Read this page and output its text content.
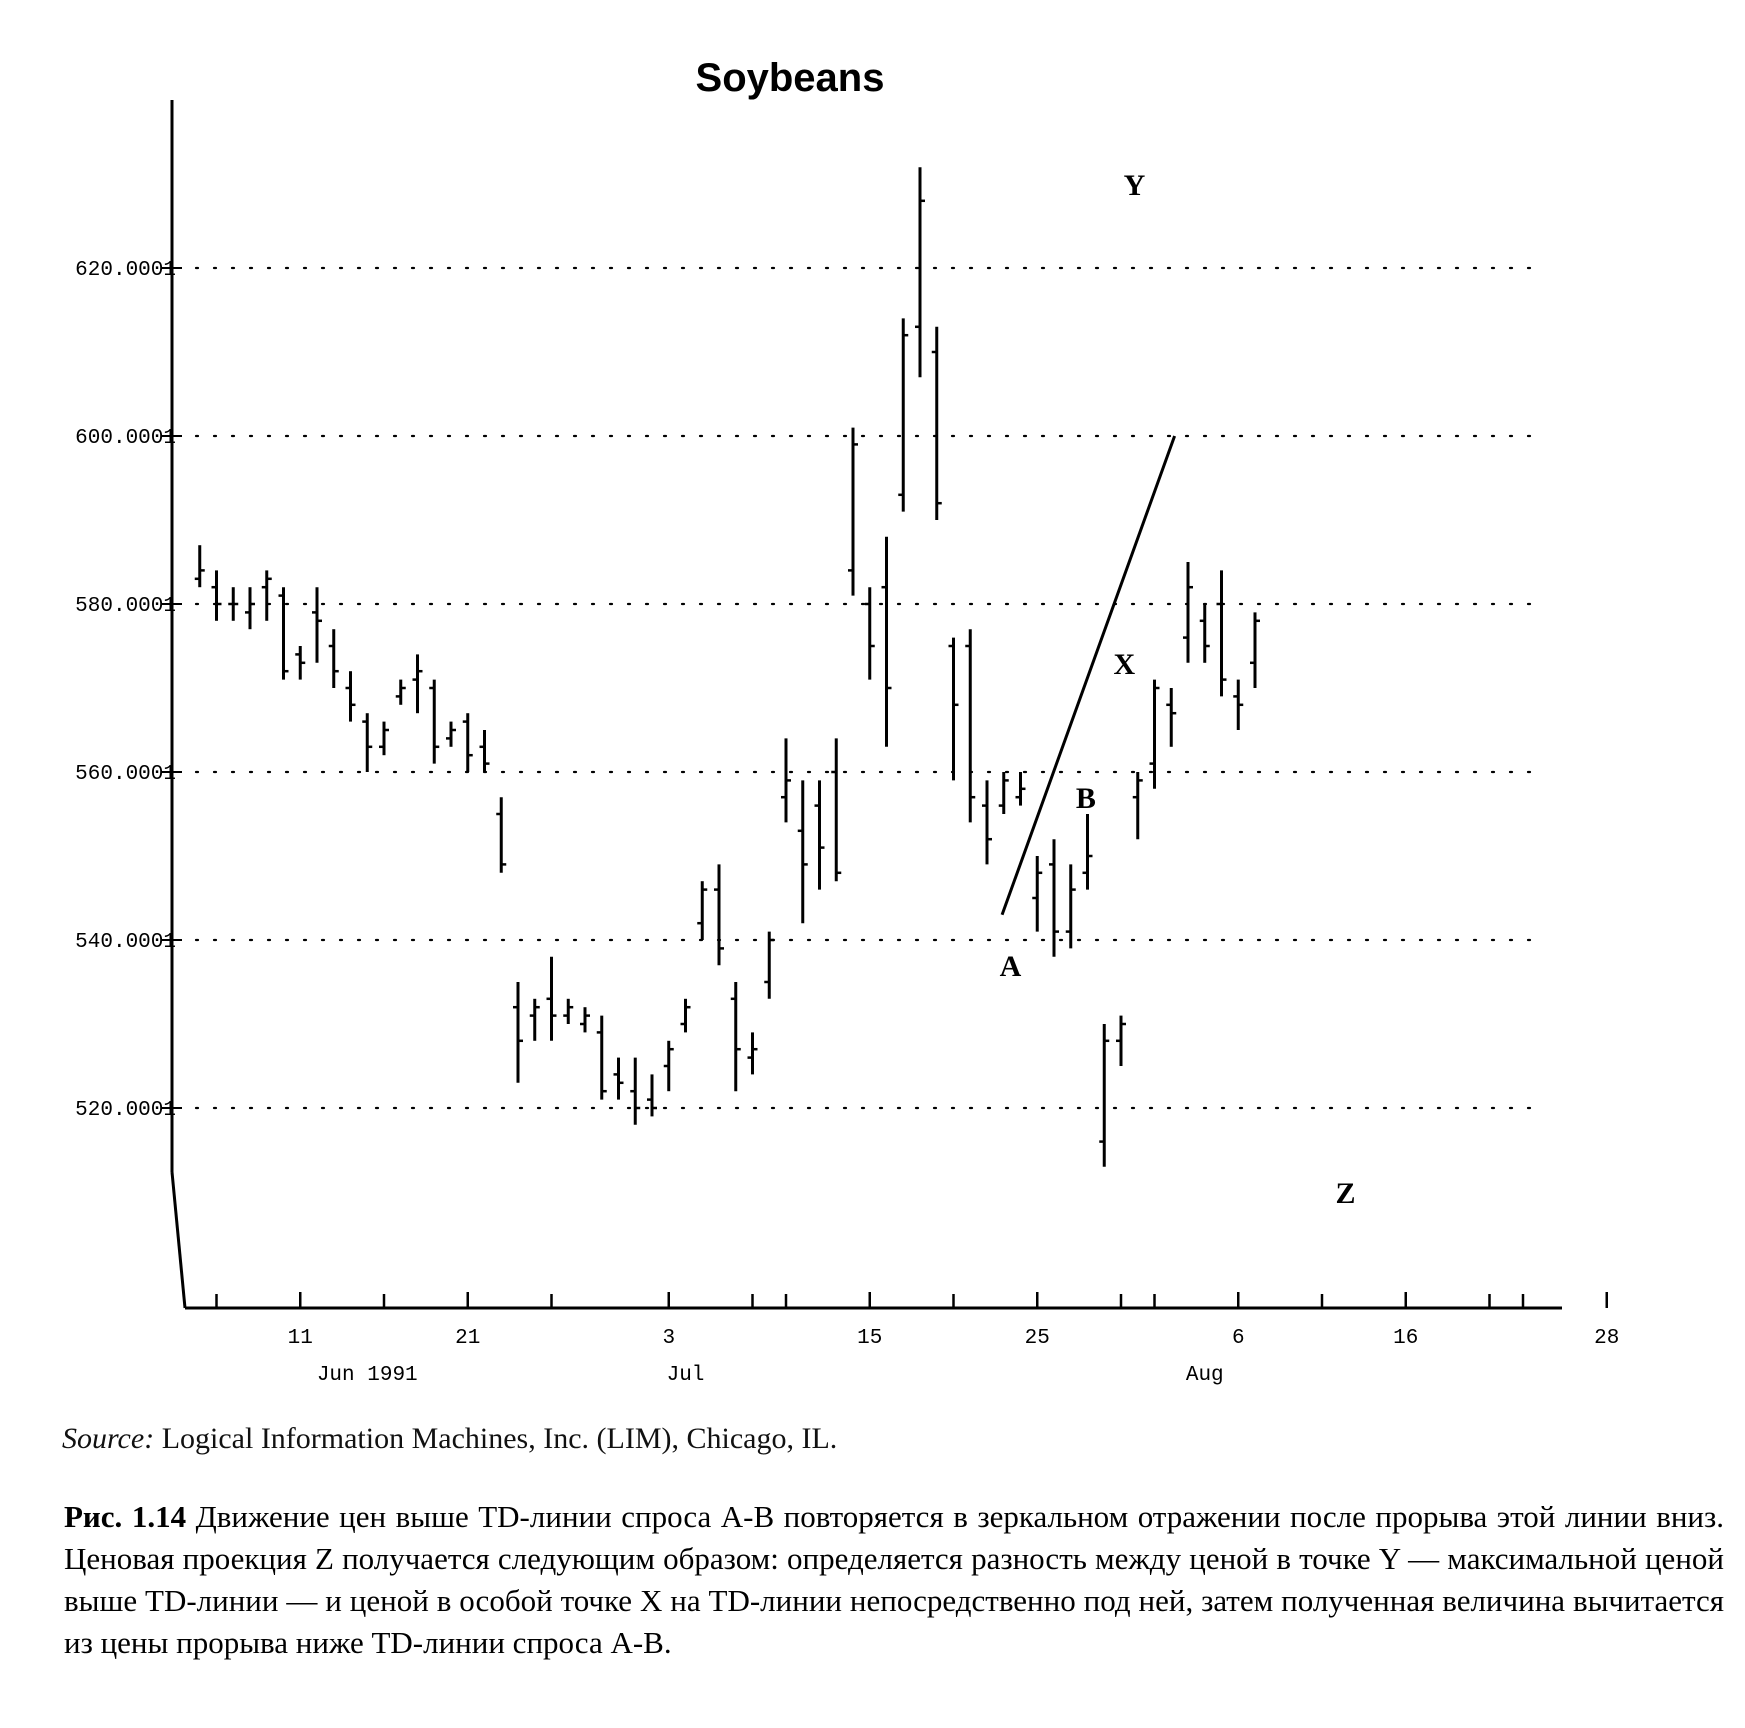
Soybeans
520.0001
540.0001
560.0001
580.0001
600.0001
620.0001
11	21	3	15	25	6	16	28
Jun 1991	Jul	Aug
A
B
X
Y
Z
Source: Logical Information Machines, Inc. (LIM), Chicago, IL.
Рис. 1.14 Движение цен выше TD-линии спроса A-B повторяется в зеркальном отражении после прорыва этой линии вниз. Ценовая проекция Z получается следующим образом: определяется разность между ценой в точке Y — максимальной ценой выше TD-линии — и ценой в особой точке X на TD-линии непосредственно под ней, затем полученная величина вычитается из цены прорыва ниже TD-линии спроса A-B.
